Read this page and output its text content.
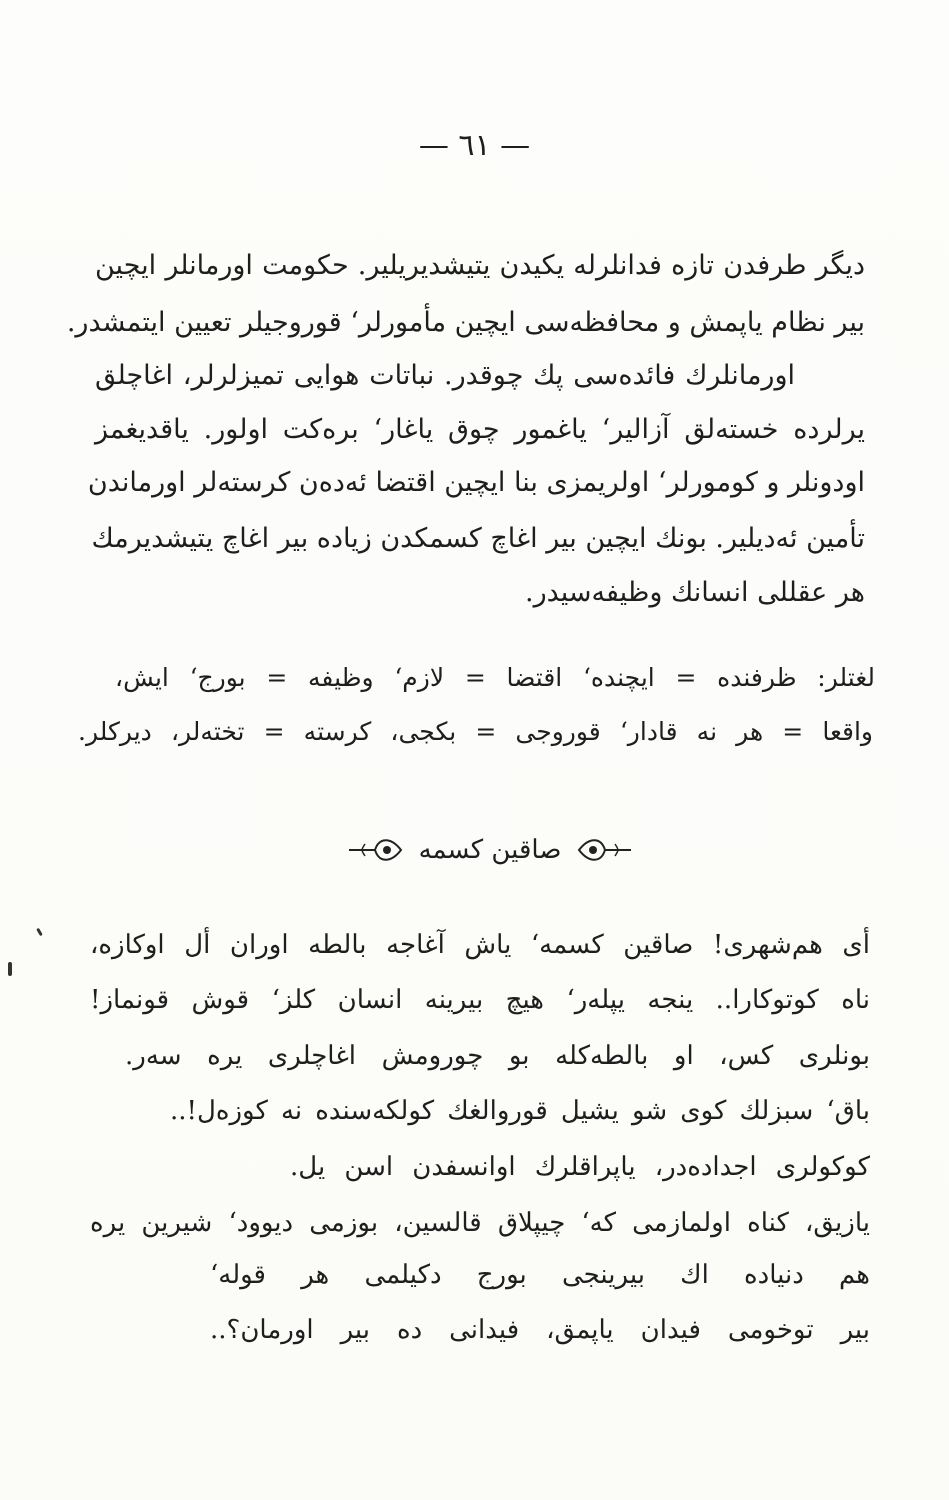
— ٦١ —
دیگر طرفدن تازه فدانلرله یکیدن یتیشدیریلیر. حکومت اورمانلر ایچین
بیر نظام یاپمش و محافظه‌سی ایچین مأمورلر‘ قوروجیلر تعیین ایتمشدر.
اورمانلرك فائده‌سی پك چوقدر. نباتات هوایی تمیزلرلر، اغاچلق
یرلرده خسته‌لق آزالیر‘ یاغمور چوق یاغار‘ بره‌کت اولور. یاقدیغمز
اودونلر و کومورلر‘ اولریمزی بنا ایچین اقتضا ئه‌ده‌ن کرسته‌لر اورماندن
تأمین ئه‌دیلیر. بونك ایچین بیر اغاچ کسمکدن زیاده بیر اغاچ یتیشدیرمك
هر عقللی انسانك وظیفه‌سیدر.
لغتلر: ظرفنده = ایچنده‘ اقتضا = لازم‘ وظیفه = بورج‘ ایش،
واقعا = هر نه قادار‘ قوروجی = بکجی، کرسته = تخته‌لر، دیرکلر.
صاقین کسمه
أی هم‌شهری! صاقین کسمه‘ یاش آغاجه بالطه اوران أل اوکازه،
ناه کوتوکارا.. ینجه یپله‌ر‘ هیچ بیرینه انسان کلز‘ قوش قونماز!
بونلری کس، او بالطه‌کله بو چورومش اغاچلری یره سه‌ر.
باق‘ سبزلك کوی شو یشیل قوروالغك کولکه‌سنده نه کوزه‌ل!..
کوکولری اجداده‌در، یاپراقلرك اوانسفدن اسن یل.
یازیق، کناه اولمازمی که‘ چیپلاق قالسین، بوزمی دیوود‘ شیرین یره
هم دنیاده اك بیرینجی بورج دکیلمی هر قوله‘
بیر توخومی فیدان یاپمق، فیدانی ده بیر اورمان؟..
